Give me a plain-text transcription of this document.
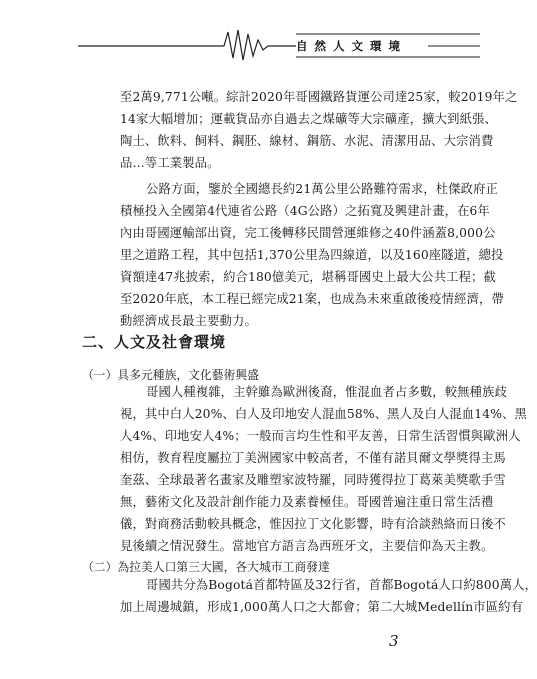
自然人文環境
至2萬9,771公噸。綜計2020年哥國鐵路貨運公司達25家，較2019年之
14家大幅增加；運載貨品亦自過去之煤礦等大宗礦產，擴大到紙張、
陶土、飲料、飼料、鋼胚、線材、鋼筋、水泥、清潔用品、大宗消費
品…等工業製品。
公路方面，鑒於全國總長約21萬公里公路難符需求，杜傑政府正
積極投入全國第4代連省公路（4G公路）之拓寬及興建計畫，在6年
內由哥國運輸部出資，完工後轉移民間營運維修之40件涵蓋8,000公
里之道路工程，其中包括1,370公里為四線道，以及160座隧道，總投
資額達47兆披索，約合180億美元，堪稱哥國史上最大公共工程；截
至2020年底，本工程已經完成21案，也成為未來重啟後疫情經濟，帶
動經濟成長最主要動力。
二、人文及社會環境
（一）具多元種族，文化藝術興盛
哥國人種複雜，主幹雖為歐洲後裔，惟混血者占多數，較無種族歧
視，其中白人20%、白人及印地安人混血58%、黑人及白人混血14%、黑
人4%、印地安人4%；一般而言均生性和平友善，日常生活習慣與歐洲人
相仿，教育程度屬拉丁美洲國家中較高者，不僅有諾貝爾文學獎得主馬
奎茲、全球最著名畫家及雕塑家波特羅，同時獲得拉丁葛萊美獎歌手雪
無，藝術文化及設計創作能力及素養極佳。哥國普遍注重日常生活禮
儀，對商務活動較具概念，惟因拉丁文化影響，時有洽談熱絡而日後不
見後續之情況發生。當地官方語言為西班牙文，主要信仰為天主教。
（二）為拉美人口第三大國，各大城市工商發達
哥國共分為Bogotá首都特區及32行省，首都Bogotá人口約800萬人，
加上周邊城鎮，形成1,000萬人口之大都會；第二大城Medellín市區約有
3
